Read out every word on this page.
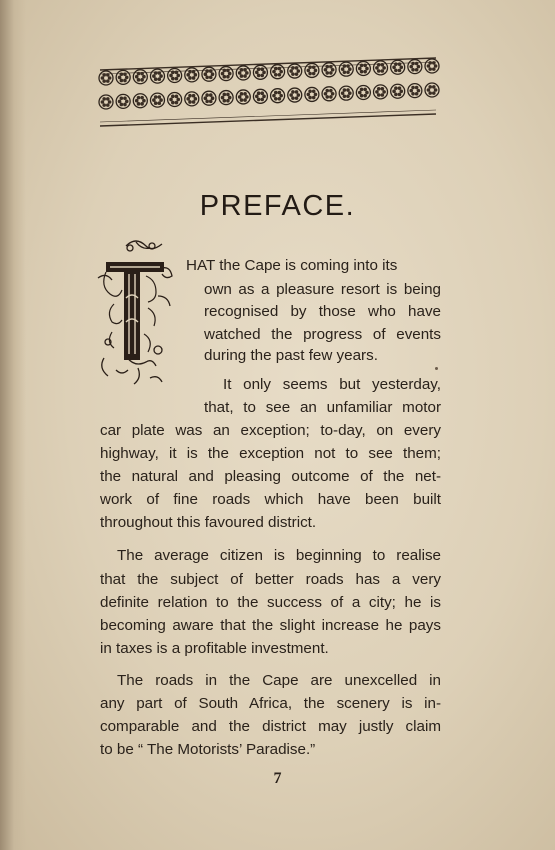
PREFACE.
HAT the Cape is coming into its
own as a pleasure resort is being
recognised by those who have
watched the progress of events
during the past few years.
It only seems but yesterday,
that, to see an unfamiliar motor
car plate was an exception; to-day, on every
highway, it is the exception not to see them;
the natural and pleasing outcome of the net-
work of fine roads which have been built
throughout this favoured district.
The average citizen is beginning to realise
that the subject of better roads has a very
definite relation to the success of a city; he is
becoming aware that the slight increase he pays
in taxes is a profitable investment.
The roads in the Cape are unexcelled in
any part of South Africa, the scenery is in-
comparable and the district may justly claim
to be “ The Motorists’ Paradise.”
7
